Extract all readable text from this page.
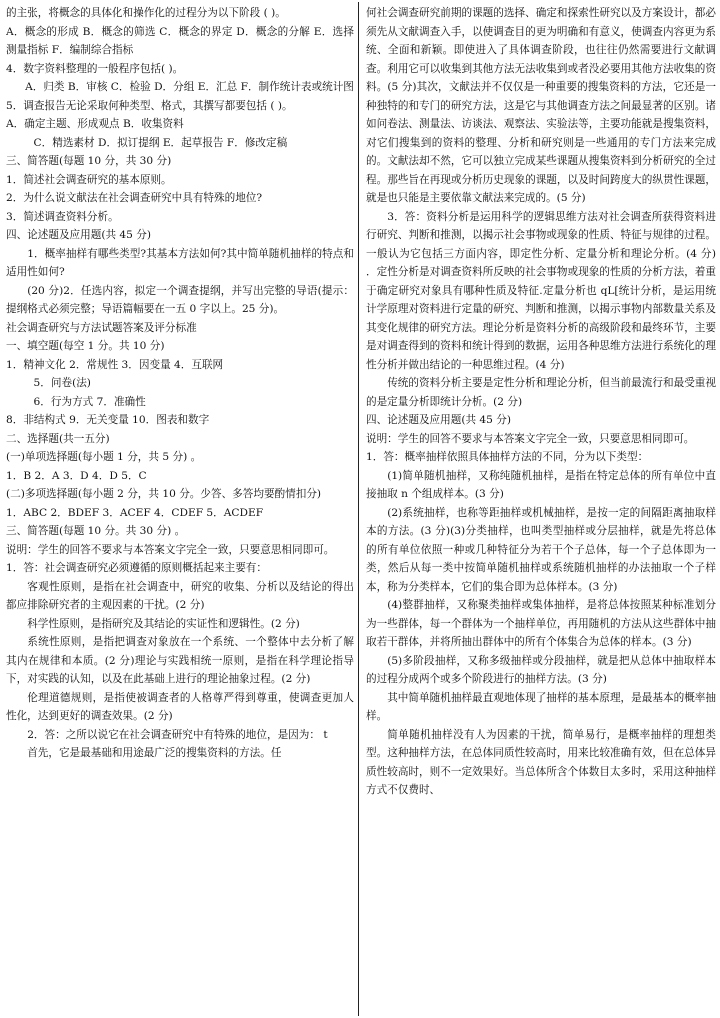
的主张，将概念的具体化和操作化的过程分为以下阶段 ( )。

A．概念的形成 B．概念的筛选 C．概念的界定 D．概念的分解 E．选择测量指标 F．编制综合指标

4．数字资料整理的一般程序包括( )。

A．归类 B．审核 C．检验 D．分组 E．汇总 F．制作统计表或统计图

5．调查报告无论采取何种类型、格式，其撰写都要包括 ( )。

A．确定主题、形成观点 B．收集资料

C．精选素材 D．拟订提纲 E．起草报告 F．修改定稿

三、简答题(每题 10 分，共 30 分)

1．简述社会调查研究的基本原则。

2．为什么说文献法在社会调查研究中具有特殊的地位?

3．简述调查资料分析。

四、论述题及应用题(共 45 分)

1．概率抽样有哪些类型?其基本方法如何?其中简单随机抽样的特点和适用性如何?

(20 分)2．任选内容，拟定一个调查提纲，并写出完整的导语(提示：提纲格式必须完整；导语篇幅要在一五 0 字以上。25 分)。

社会调查研究与方法试题答案及评分标准

一、填空题(每空 1 分。共 10 分)

1．精神文化 2．常规性 3．因变量 4．互联网

5．问卷(法)

6．行为方式 7．准确性

8．非结构式 9．无关变量 10．图表和数字

二、选择题(共一五分)

(一)单项选择题(每小题 1 分，共 5 分) 。

1．B 2．A 3．D 4．D 5．C

(二)多项选择题(每小题 2 分，共 10 分。少答、多答均要酌情扣分)

1．ABC 2．BDEF 3．ACEF 4．CDEF 5．ACDEF

三、简答题(每题 10 分。共 30 分) 。

说明：学生的回答不要求与本答案文字完全一致，只要意思相同即可。

1．答：社会调查研究必须遵循的原则概括起来主要有：

客观性原则，是指在社会调查中，研究的收集、分析以及结论的得出都应排除研究者的主观因素的干扰。(2 分)

科学性原则，是指研究及其结论的实证性和逻辑性。(2 分)

系统性原则，是指把调查对象放在一个系统、一个整体中去分析了解其内在规律和本质。(2 分)理论与实践相统一原则，是指在科学理论指导下，对实践的认知，以及在此基础上进行的理论抽象过程。(2 分)

伦理道德规则，是指使被调查者的人格尊严得到尊重，使调查更加人性化，达到更好的调查效果。(2 分)

2．答：之所以说它在社会调查研究中有特殊的地位，是因为： t

首先，它是最基础和用途最广泛的搜集资料的方法。任

何社会调查研究前期的课题的选择、确定和探索性研究以及方案设计，都必须先从文献调查入手，以使调查目的更为明确和有意义，使调查内容更为系统、全面和新颖。即使进入了具体调查阶段，也往往仍然需要进行文献调查。利用它可以收集到其他方法无法收集到或者没必要用其他方法收集的资料。(5 分)其次，文献法并不仅仅是一种重要的搜集资料的方法，它还是一种独特的和专门的研究方法，这是它与其他调查方法之间最显著的区别。诸如问卷法、测量法、访谈法、观察法、实验法等，主要功能就是搜集资料，对它们搜集到的资料的整理、分析和研究则是一些通用的专门方法来完成的。文献法却不然，它可以独立完成某些课题从搜集资料到分析研究的全过程。那些旨在再现或分析历史现象的课题，以及时间跨度大的纵贯性课题，就是也只能是主要依靠文献法来完成的。(5 分)

3．答：资料分析是运用科学的逻辑思维方法对社会调查所获得资料进行研究、判断和推测，以揭示社会事物或现象的性质、特征与规律的过程。一般认为它包括三方面内容，即定性分析、定量分析和理论分析。(4 分) ．定性分析是对调查资料所反映的社会事物或现象的性质的分析方法，着重于确定研究对象具有哪种性质及特征.定量分析也 qL[统计分析，是运用统计学原理对资料进行定量的研究、判断和推测，以揭示事物内部数量关系及其变化规律的研究方法。理论分析是资料分析的高级阶段和最终环节，主要是对调查得到的资料和统计得到的数据，运用各种思维方法进行系统化的理性分析并做出结论的一种思维过程。(4 分)

传统的资料分析主要是定性分析和理论分析，但当前最流行和最受重视的是定量分析即统计分析。(2 分)

四、论述题及应用题(共 45 分)

说明：学生的回答不要求与本答案文字完全一致，只要意思相同即可。

1．答：概率抽样依照具体抽样方法的不同，分为以下类型：

(1)简单随机抽样，又称纯随机抽样，是指在特定总体的所有单位中直接抽取 n 个组成样本。(3 分)

(2)系统抽样，也称等距抽样或机械抽样，是按一定的间隔距离抽取样本的方法。(3 分)(3)分类抽样，也叫类型抽样或分层抽样，就是先将总体的所有单位依照一种或几种特征分为若干个子总体，每一个子总体即为一类，然后从每一类中按简单随机抽样或系统随机抽样的办法抽取一个子样本，称为分类样本，它们的集合即为总体样本。(3 分)

(4)整群抽样，又称聚类抽样或集体抽样，是将总体按照某种标准划分为一些群体，每一个群体为一个抽样单位，再用随机的方法从这些群体中抽取若干群体，并将所抽出群体中的所有个体集合为总体的样本。(3 分)

(5)多阶段抽样，又称多级抽样或分段抽样，就是把从总体中抽取样本的过程分成两个或多个阶段进行的抽样方法。(3 分)

其中简单随机抽样最直观地体现了抽样的基本原理，是最基本的概率抽样。

简单随机抽样没有人为因素的干扰，简单易行，是概率抽样的理想类型。这种抽样方法，在总体同质性较高时，用来比较准确有效，但在总体异质性较高时，则不一定效果好。当总体所含个体数目太多时，采用这种抽样方式不仅费时、
